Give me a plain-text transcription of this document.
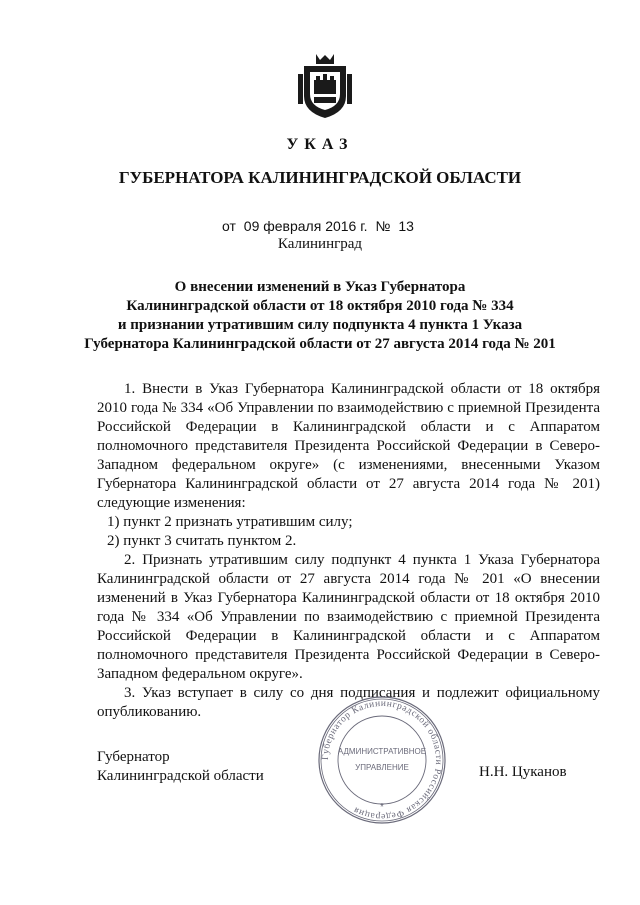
УКАЗ
ГУБЕРНАТОРА КАЛИНИНГРАДСКОЙ ОБЛАСТИ
от 09 февраля 2016 г. № 13
Калининград
О внесении изменений в Указ Губернатора
Калининградской области от 18 октября 2010 года № 334
и признании утратившим силу подпункта 4 пункта 1 Указа
Губернатора Калининградской области от 27 августа 2014 года № 201

1. Внести в Указ Губернатора Калининградской области от 18 октября 2010 года № 334 «Об Управлении по взаимодействию с приемной Президента Российской Федерации в Калининградской области и с Аппаратом полномочного представителя Президента Российской Федерации в Северо-Западном федеральном округе» (с изменениями, внесенными Указом Губернатора Калининградской области от 27 августа 2014 года № 201) следующие изменения:

1) пункт 2 признать утратившим силу;

2) пункт 3 считать пунктом 2.

2. Признать утратившим силу подпункт 4 пункта 1 Указа Губернатора Калининградской области от 27 августа 2014 года № 201 «О внесении изменений в Указ Губернатора Калининградской области от 18 октября 2010 года № 334 «Об Управлении по взаимодействию с приемной Президента Российской Федерации в Калининградской области и с Аппаратом полномочного представителя Президента Российской Федерации в Северо-Западном федеральном округе».

3. Указ вступает в силу со дня подписания и подлежит официальному опубликованию.

Губернатор
Калининградской области	Н.Н. Цуканов
Губернатор Калининградской области Российская Федерация
АДМИНИСТРАТИВНОЕ
УПРАВЛЕНИЕ
*
